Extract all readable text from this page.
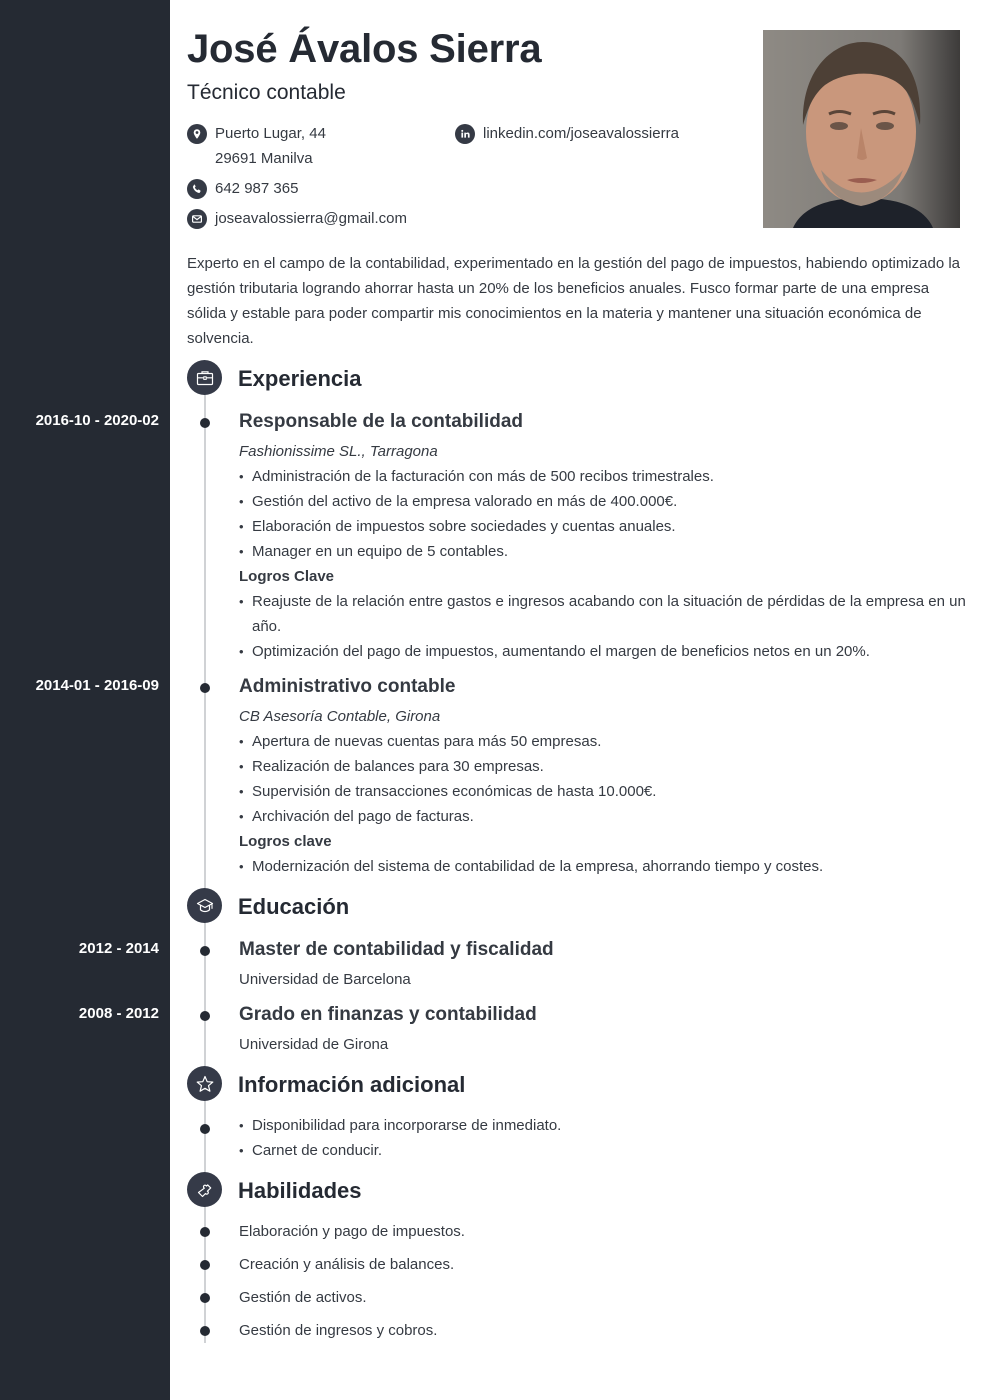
José Ávalos Sierra
Técnico contable
Puerto Lugar, 44
29691 Manilva
642 987 365
joseavalossierra@gmail.com
linkedin.com/joseavalossierra
Experto en el campo de la contabilidad, experimentado en la gestión del pago de impuestos, habiendo optimizado la gestión tributaria logrando ahorrar hasta un 20% de los beneficios anuales. Fusco formar parte de una empresa sólida y estable para poder compartir mis conocimientos en la materia y mantener una situación económica de solvencia.
Experiencia
2016-10 - 2020-02	Responsable de la contabilidad
Fashionissime SL., Tarragona
• Administración de la facturación con más de 500 recibos trimestrales.
• Gestión del activo de la empresa valorado en más de 400.000€.
• Elaboración de impuestos sobre sociedades y cuentas anuales.
• Manager en un equipo de 5 contables.
Logros Clave
• Reajuste de la relación entre gastos e ingresos acabando con la situación de pérdidas de la empresa en un año.
• Optimización del pago de impuestos, aumentando el margen de beneficios netos en un 20%.
2014-01 - 2016-09	Administrativo contable
CB Asesoría Contable, Girona
• Apertura de nuevas cuentas para más 50 empresas.
• Realización de balances para 30 empresas.
• Supervisión de transacciones económicas de hasta 10.000€.
• Archivación del pago de facturas.
Logros clave
• Modernización del sistema de contabilidad de la empresa, ahorrando tiempo y costes.
Educación
2012 - 2014	Master de contabilidad y fiscalidad
Universidad de Barcelona
2008 - 2012	Grado en finanzas y contabilidad
Universidad de Girona
Información adicional
• Disponibilidad para incorporarse de inmediato.
• Carnet de conducir.
Habilidades
Elaboración y pago de impuestos.
Creación y análisis de balances.
Gestión de activos.
Gestión de ingresos y cobros.
